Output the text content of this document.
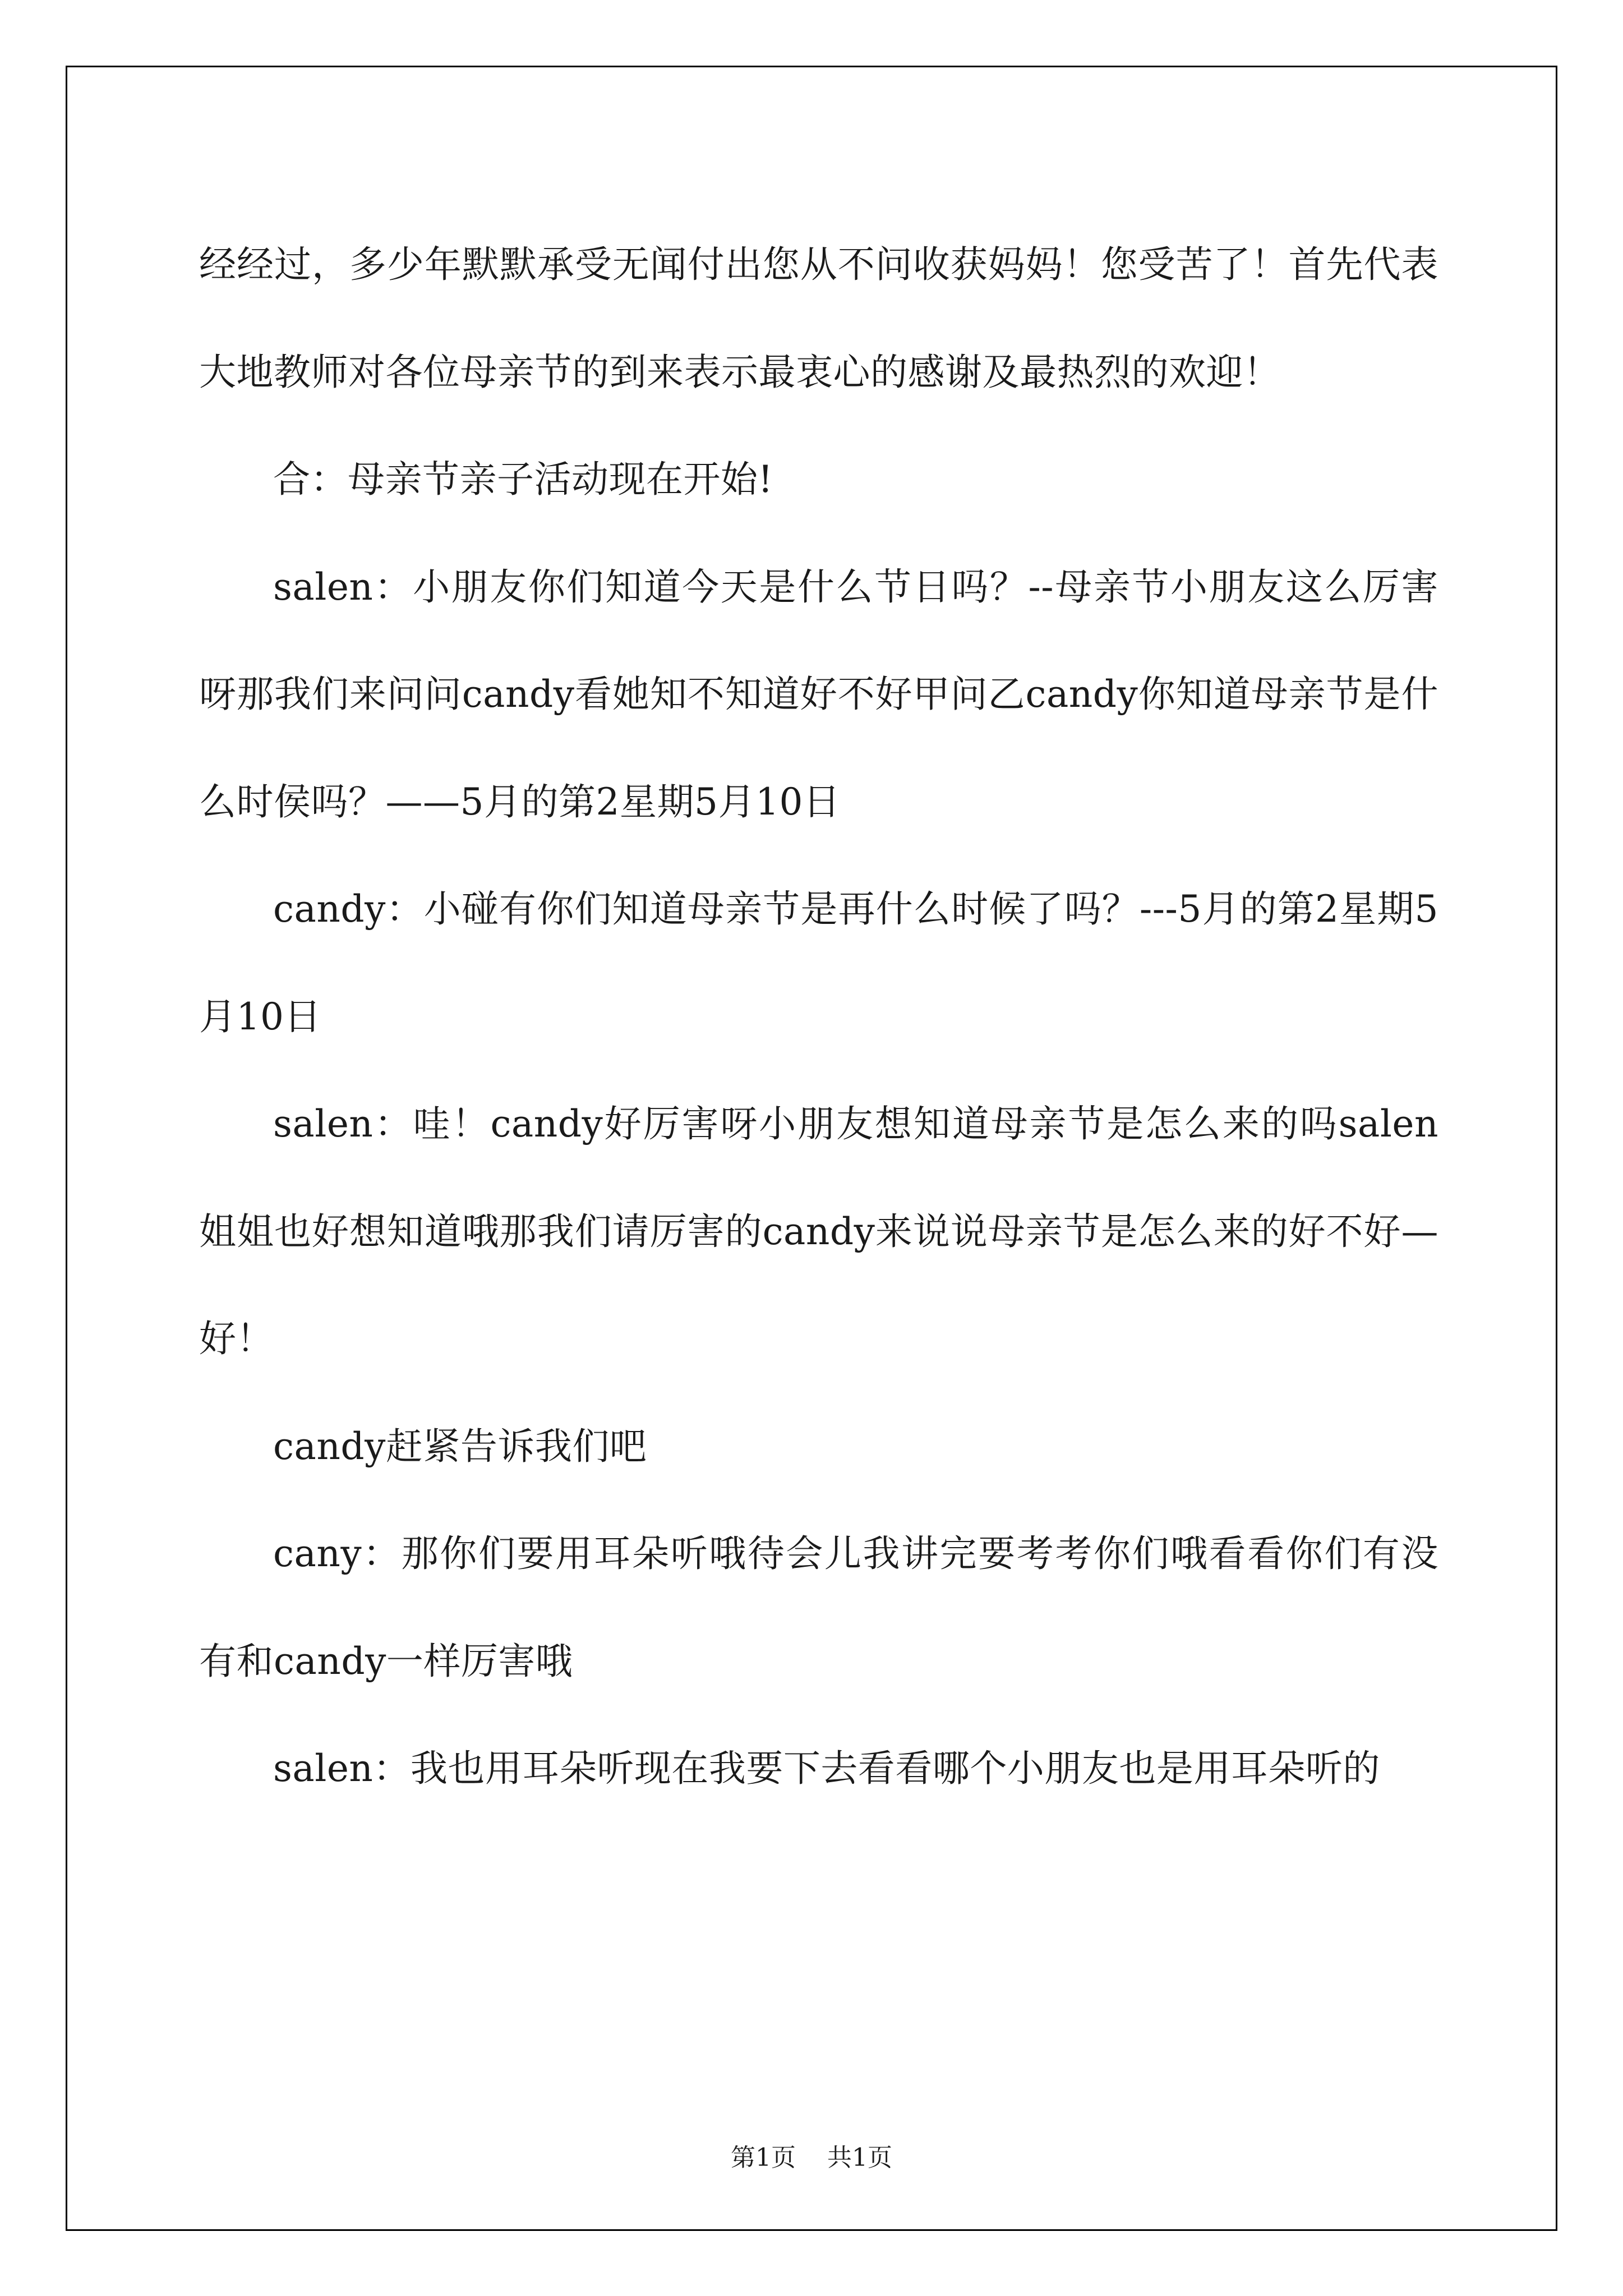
经经过，多少年默默承受无闻付出您从不问收获妈妈！您受苦了！首先代表大地教师对各位母亲节的到来表示最衷心的感谢及最热烈的欢迎！

合：母亲节亲子活动现在开始!

salen：小朋友你们知道今天是什么节日吗？--母亲节小朋友这么厉害呀那我们来问问candy看她知不知道好不好甲问乙candy你知道母亲节是什么时侯吗？——5月的第2星期5月10日

candy：小碰有你们知道母亲节是再什么时候了吗？---5月的第2星期5月10日

salen：哇！candy好厉害呀小朋友想知道母亲节是怎么来的吗salen姐姐也好想知道哦那我们请厉害的candy来说说母亲节是怎么来的好不好—好！

candy赶紧告诉我们吧

cany：那你们要用耳朵听哦待会儿我讲完要考考你们哦看看你们有没有和candy一样厉害哦

salen：我也用耳朵听现在我要下去看看哪个小朋友也是用耳朵听的

第1页 共1页
